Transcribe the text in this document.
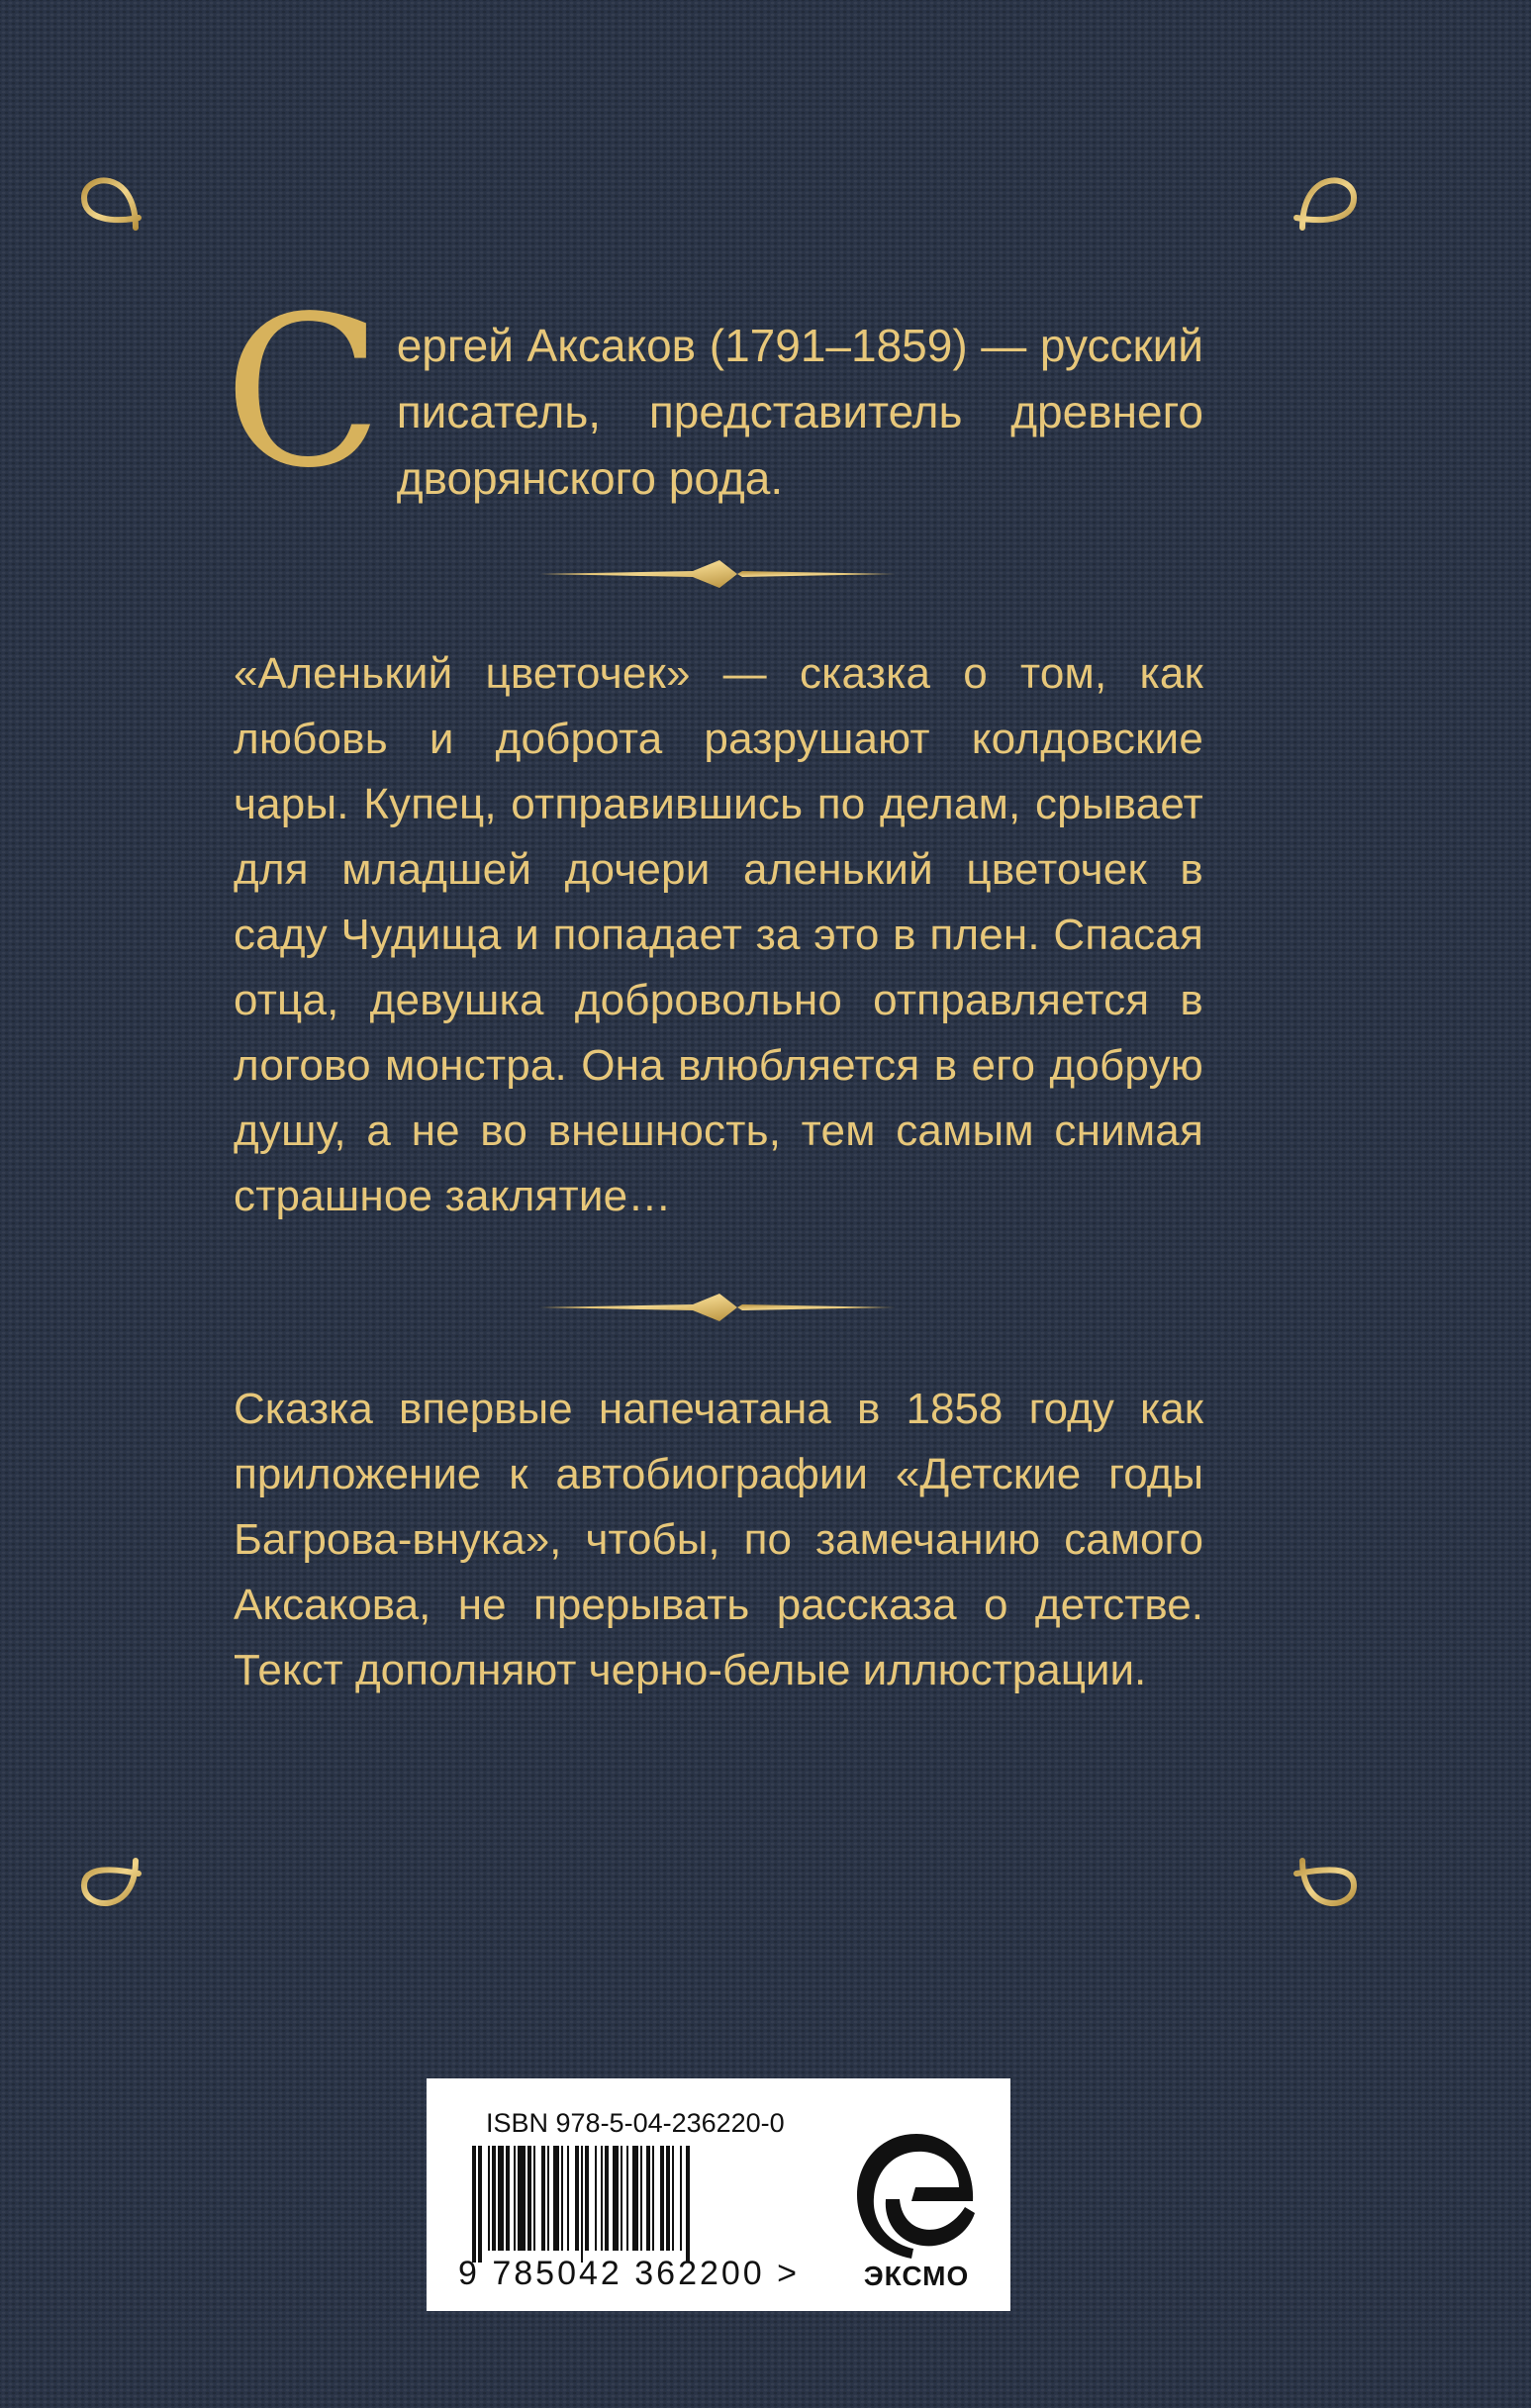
С ергей Аксаков (1791–1859) — русский писатель, представитель древнего дворянского рода.
«Аленький цветочек» — сказка о том, как любовь и доброта разрушают колдовские чары. Купец, отправившись по делам, срывает для младшей дочери аленький цветочек в саду Чудища и попадает за это в плен. Спасая отца, девушка добровольно отправляется в логово монстра. Она влюбляется в его добрую душу, а не во внешность, тем самым снимая страшное заклятие…
Сказка впервые напечатана в 1858 году как приложение к автобиографии «Детские годы Багрова-внука», чтобы, по замечанию самого Аксакова, не прерывать рассказа о детстве. Текст дополняют черно-белые иллюстрации.
ISBN 978-5-04-236220-0
9 785042 362200 >	ЭКСМО
